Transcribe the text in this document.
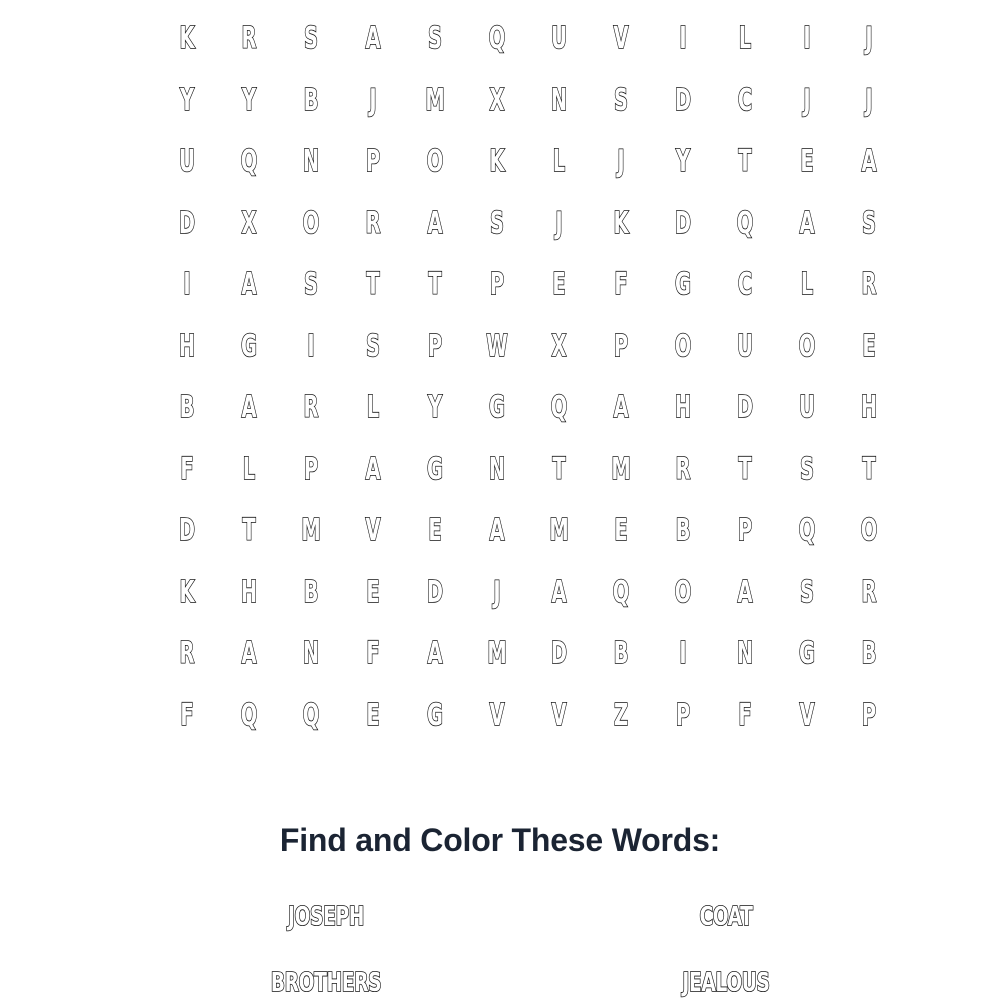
K	R	S	A	S	Q	U	V	I	L	I	J
Y	Y	B	J	M	X	N	S	D	C	J	J
U	Q	N	P	O	K	L	J	Y	T	E	A
D	X	O	R	A	S	J	K	D	Q	A	S
I	A	S	T	T	P	E	F	G	C	L	R
H	G	I	S	P	W	X	P	O	U	O	E
B	A	R	L	Y	G	Q	A	H	D	U	H
F	L	P	A	G	N	T	M	R	T	S	T
D	T	M	V	E	A	M	E	B	P	Q	O
K	H	B	E	D	J	A	Q	O	A	S	R
R	A	N	F	A	M	D	B	I	N	G	B
F	Q	Q	E	G	V	V	Z	P	F	V	P
Find and Color These Words:
JOSEPH	COAT
BROTHERS	JEALOUS
